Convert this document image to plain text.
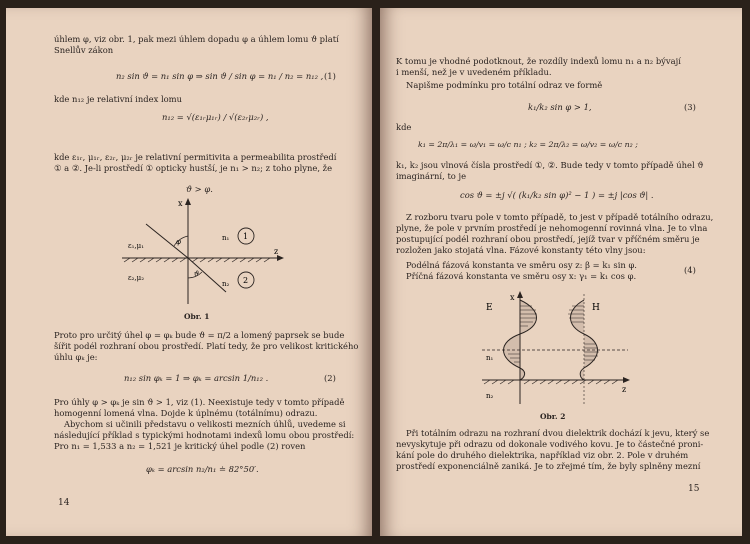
úhlem φ, viz obr. 1, pak mezi úhlem dopadu φ a úhlem lomu ϑ platí
Snellův zákon
n₂ sin ϑ = n₁ sin φ ⇒ sin ϑ / sin φ = n₁ / n₂ = n₁₂ , (1)
kde n₁₂ je relativní index lomu
n₁₂ = √(ε₁ᵣμ₁ᵣ) / √(ε₂ᵣμ₂ᵣ) ,
kde ε₁ᵣ, μ₁ᵣ, ε₂ᵣ, μ₂ᵣ je relativní permitivita a permeabilita prostředí ① a ②. Je-li prostředí ① opticky hustší, je n₁ > n₂; z toho plyne, že
ϑ > φ.
x
z
ε₁,μ₁
ε₂,μ₂
n₁
n₂
1
2
φ
ϑ
Obr. 1
Proto pro určitý úhel φ = φₖ bude ϑ = π/2 a lomený paprsek se bude
šířit podél rozhraní obou prostředí. Platí tedy, že pro velikost kritického
úhlu φₖ je:
n₁₂ sin φₖ = 1 ⇒ φₖ = arcsin 1/n₁₂ .	(2)
Pro úhly φ > φₖ je sin ϑ > 1, viz (1). Neexistuje tedy v tomto případě
homogenní lomená vlna. Dojde k úplnému (totálnímu) odrazu.
Abychom si učinili představu o velikosti mezních úhlů, uvedeme si
následující příklad s typickými hodnotami indexů lomu obou prostředí:
Pro n₁ = 1,533 a n₂ = 1,521 je kritický úhel podle (2) roven
φₖ = arcsin n₂/n₁ ≐ 82°50′.
14
K tomu je vhodné podotknout, že rozdíly indexů lomu n₁ a n₂ bývají
i menší, než je v uvedeném příkladu.
Napišme podmínku pro totální odraz ve formě
k₁/k₂ sin φ > 1,	(3)
kde
k₁ = 2π/λ₁ = ω/v₁ = ω/c n₁ ; k₂ = 2π/λ₂ = ω/v₂ = ω/c n₂ ;
k₁, k₂ jsou vlnová čísla prostředí ①, ②. Bude tedy v tomto případě úhel ϑ
imaginární, to je
cos ϑ = ±j √( (k₁/k₂ sin φ)² − 1 ) = ±j |cos ϑ| .
Z rozboru tvaru pole v tomto případě, to jest v případě totálního odrazu,
plyne, že pole v prvním prostředí je nehomogenní rovinná vlna. Je to vlna
postupující podél rozhraní obou prostředí, jejíž tvar v příčném směru je
rozložen jako stojatá vlna. Fázové konstanty této vlny jsou:
Podélná fázová konstanta ve směru osy z: β = k₁ sin φ.
Příčná fázová konstanta ve směru osy x: γ₁ = k₁ cos φ.
(4)
x
z
E	H
n₁
n₂
Obr. 2
Při totálním odrazu na rozhraní dvou dielektrik dochází k jevu, který se
nevyskytuje při odrazu od dokonale vodivého kovu. Je to částečné proni-
kání pole do druhého dielektrika, například viz obr. 2. Pole v druhém
prostředí exponenciálně zaniká. Je to zřejmé tím, že byly splněny mezní
15
